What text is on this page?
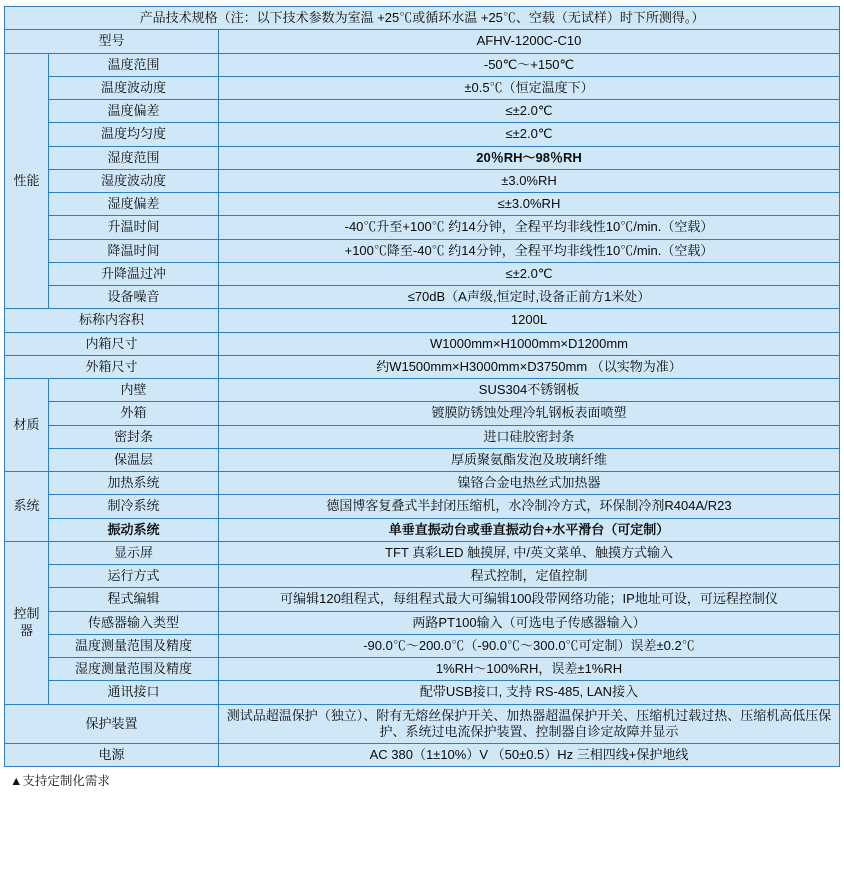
产品技术规格（注：以下技术参数为室温 +25℃或循环水温 +25℃、空载（无试样）时下所测得。）		
型号		AFHV-1200C-C10
性能	温度范围	-50℃～+150℃
	温度波动度	±0.5℃（恒定温度下）
	温度偏差	≤±2.0℃
	温度均匀度	≤±2.0℃
	湿度范围	20％RH～98％RH
	湿度波动度	±3.0%RH
	湿度偏差	≤±3.0%RH
	升温时间	-40℃升至+100℃ 约14分钟，全程平均非线性10℃/min.（空载）
	降温时间	+100℃降至-40℃ 约14分钟，全程平均非线性10℃/min.（空载）
	升降温过冲	≤±2.0℃
	设备噪音	≤70dB（A声级,恒定时,设备正前方1米处）
标称内容积		1200L
内箱尺寸		W1000mm×H1000mm×D1200mm
外箱尺寸		约W1500mm×H3000mm×D3750mm （以实物为准）
材质	内壁	SUS304不锈钢板
	外箱	镀膜防锈蚀处理冷轧钢板表面喷塑
	密封条	进口硅胶密封条
	保温层	厚质聚氨酯发泡及玻璃纤维
系统	加热系统	镍铬合金电热丝式加热器
	制冷系统	德国博客复叠式半封闭压缩机，水冷制冷方式，环保制冷剂R404A/R23
	振动系统	单垂直振动台或垂直振动台+水平滑台（可定制）
控制器	显示屏	TFT 真彩LED 触摸屏, 中/英文菜单、触摸方式输入
	运行方式	程式控制，定值控制
	程式编辑	可编辑120组程式，每组程式最大可编辑100段带网络功能；IP地址可设，可远程控制仪
	传感器输入类型	两路PT100输入（可选电子传感器输入）
	温度测量范围及精度	-90.0℃～200.0℃（-90.0℃～300.0℃可定制）误差±0.2℃
	湿度测量范围及精度	1%RH～100%RH，误差±1%RH
	通讯接口	配带USB接口, 支持 RS-485, LAN接入
保护装置		测试品超温保护（独立）、附有无熔丝保护开关、加热器超温保护开关、压缩机过载过热、压缩机高低压保护、系统过电流保护装置、控制器自诊定故障并显示
电源		AC 380（1±10%）V （50±0.5）Hz 三相四线+保护地线
▲支持定制化需求
